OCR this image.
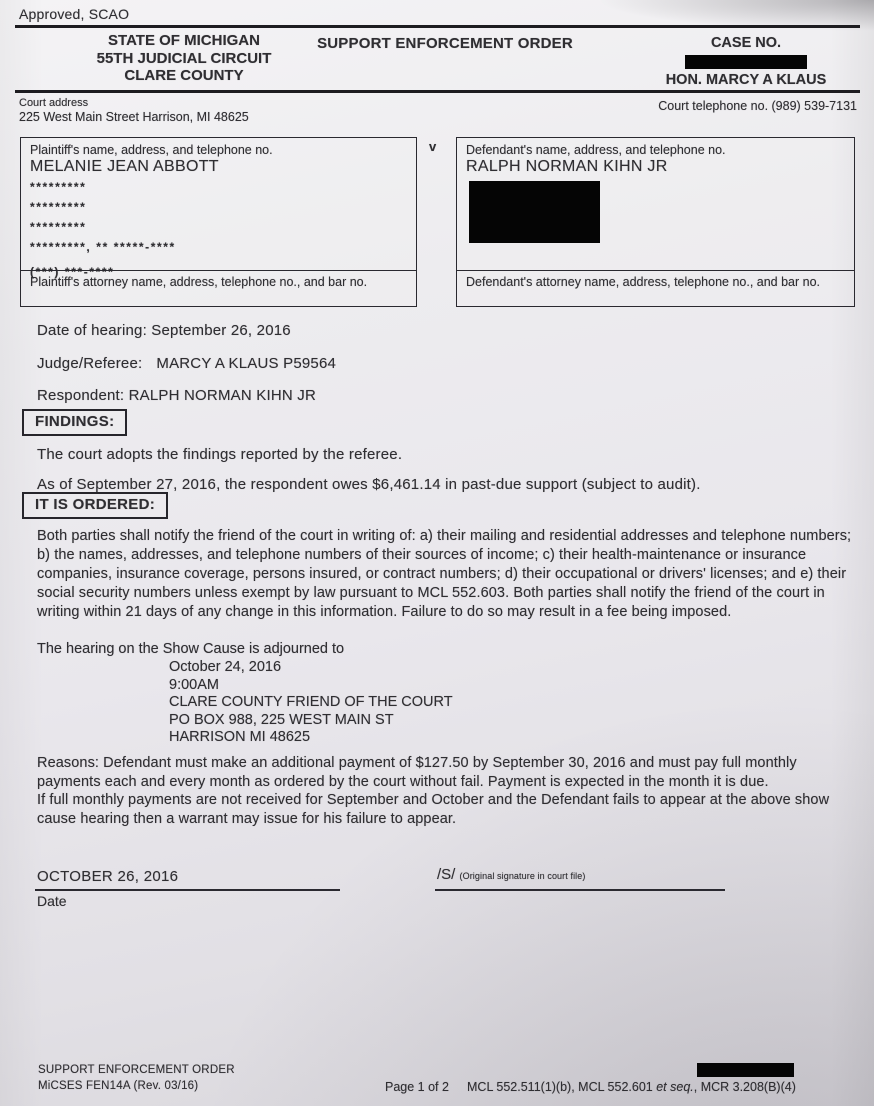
Approved, SCAO
STATE OF MICHIGAN
55TH JUDICIAL CIRCUIT
CLARE COUNTY
SUPPORT ENFORCEMENT ORDER	CASE NO.
HON. MARCY A KLAUS
Court address
225 West Main Street Harrison, MI 48625
Court telephone no. (989) 539-7131
Plaintiff's name, address, and telephone no.
MELANIE JEAN ABBOTT
*********
*********
*********
*********, ** *****-****
(***) ***-****
Plaintiff's attorney name, address, telephone no., and bar no.
v Defendant's name, address, and telephone no.
RALPH NORMAN KIHN JR
Defendant's attorney name, address, telephone no., and bar no.
Date of hearing: September 26, 2016
Judge/Referee: MARCY A KLAUS P59564
Respondent: RALPH NORMAN KIHN JR
FINDINGS:
The court adopts the findings reported by the referee.
As of September 27, 2016, the respondent owes $6,461.14 in past-due support (subject to audit).
IT IS ORDERED:
Both parties shall notify the friend of the court in writing of: a) their mailing and residential addresses and telephone numbers; b) the names, addresses, and telephone numbers of their sources of income; c) their health-maintenance or insurance companies, insurance coverage, persons insured, or contract numbers; d) their occupational or drivers' licenses; and e) their social security numbers unless exempt by law pursuant to MCL 552.603. Both parties shall notify the friend of the court in writing within 21 days of any change in this information. Failure to do so may result in a fee being imposed.
The hearing on the Show Cause is adjourned to
October 24, 2016
9:00AM
CLARE COUNTY FRIEND OF THE COURT
PO BOX 988, 225 WEST MAIN ST
HARRISON MI 48625
Reasons: Defendant must make an additional payment of $127.50 by September 30, 2016 and must pay full monthly payments each and every month as ordered by the court without fail. Payment is expected in the month it is due.
If full monthly payments are not received for September and October and the Defendant fails to appear at the above show cause hearing then a warrant may issue for his failure to appear.
OCTOBER 26, 2016
Date
/S/ (Original signature in court file)
SUPPORT ENFORCEMENT ORDER
MiCSES FEN14A (Rev. 03/16)	Page 1 of 2 MCL 552.511(1)(b), MCL 552.601 et seq., MCR 3.208(B)(4)
